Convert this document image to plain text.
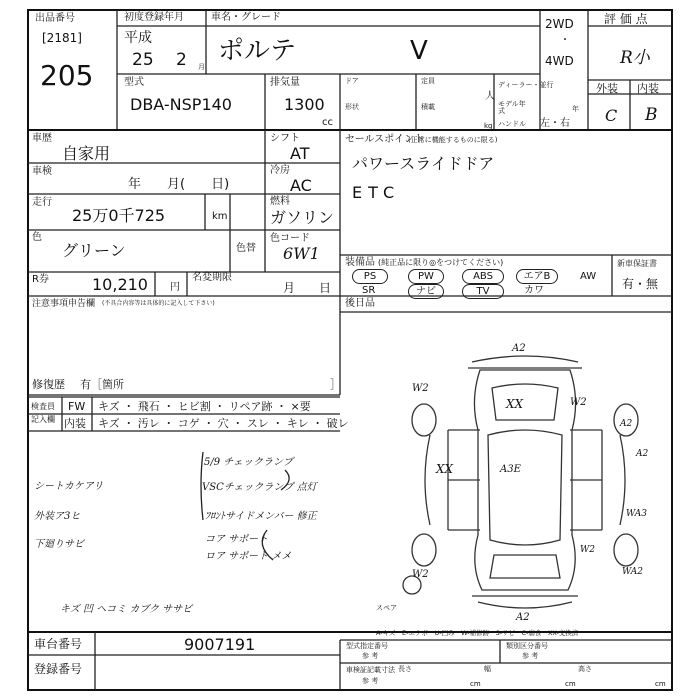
出品番号
[2181]
205
初度登録年月
平成
25 2 月
車名・グレード
ポルテ	V
2WD
・
4WD
評 価 点
R小
外装 内装
C B
型式
DBA-NSP140
排気量
1300
cc
ドア
形状
定員
人
積載
kg
ディーラー・並行
モデル年式	年
ハンドル 左・右
車歴
自家用
車検
年　　月(　　日)
走行
25万0千725	km
色
グリーン	色替
R券	10,210 円
名変期限
月　　日
シフト
AT
冷房
AC
燃料
ガソリン
色コード
6W1
注意事項申告欄 (不具合内容等は具体的に記入して下さい)
修復歴 有［箇所	］
セールスポイント
(正常に機能するものに限る)
パワースライドドア
ETC
装備品 (純正品に限り◎をつけてください)
PS	PW	ABS	エアB	AW
SR	ナビ	TV	カワ
新車保証書
有・無
後日品
検査員
記入欄
FW キズ ・ 飛石 ・ ヒビ割 ・ リペア跡 ・ ×要
内装 キズ ・ 汚レ ・ コゲ ・ 穴 ・ スレ ・ キレ ・ 破レ
シートカケアリ
外装ア3ヒ
下廻りサビ
キズ 凹 ヘコミ カブク ササビ
5/9 チェックランプ
VSCチェックランプ 点灯
ﾌﾛﾝﾄサイドメンバー 修正
コア サポート
ロア サポート メメ
A2
W2
XX
A3E
XX
A2
W2
A2
W2
W2
WA3
WA2
A2
スペア
A-キズ　E-エクボ　U-凹み　W-補修跡　S-サビ　C-腐食　XX-交換済
車台番号	9007191
登録番号
型式指定番号
参 考
類別区分番号
参 考
車検証記載寸法
参 考
長さ	幅	高さ
cm	cm	cm
